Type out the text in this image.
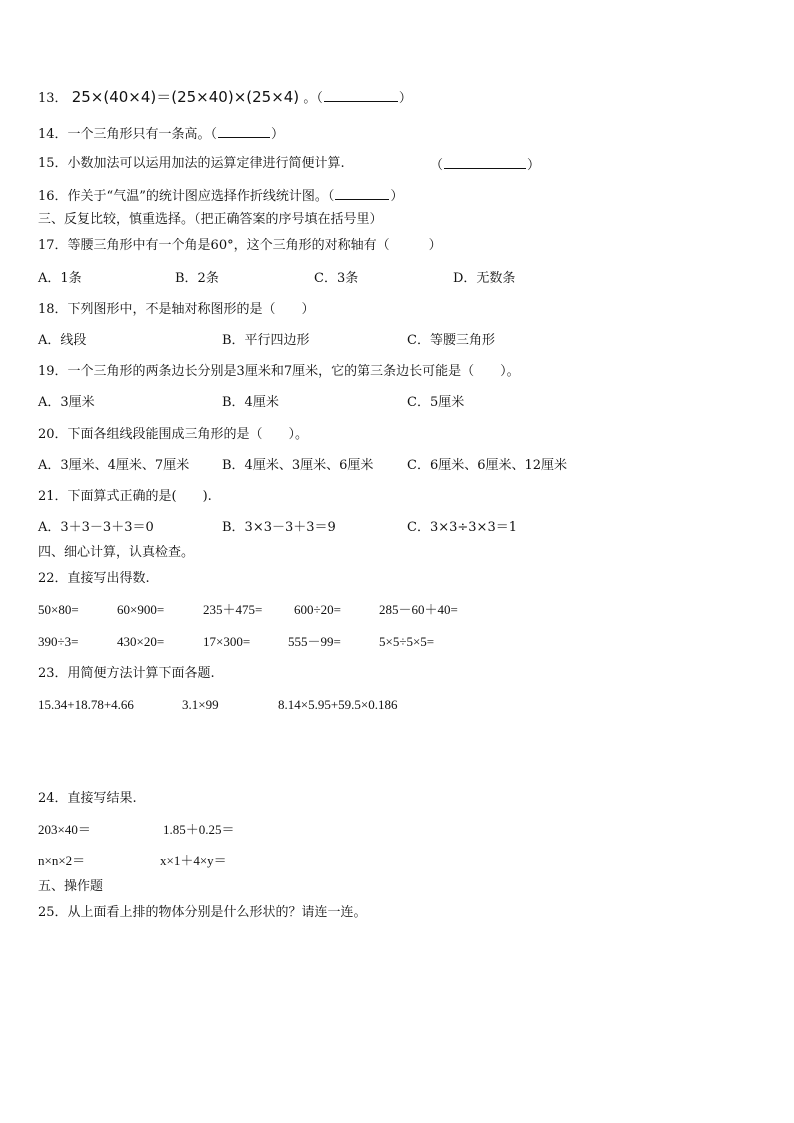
13． 25×(40×4)＝(25×40)×(25×4) 。（	）
14．一个三角形只有一条高。（	）
15．小数加法可以运用加法的运算定律进行简便计算.	（	）
16．作关于“气温”的统计图应选择作折线统计图。（	）
三、反复比较，慎重选择。（把正确答案的序号填在括号里）
17．等腰三角形中有一个角是60°，这个三角形的对称轴有（　　　）
A．1条	B．2条	C．3条	D．无数条
18．下列图形中，不是轴对称图形的是（　　）
A．线段	B．平行四边形	C．等腰三角形
19．一个三角形的两条边长分别是3厘米和7厘米，它的第三条边长可能是（　　）。
A．3厘米	B．4厘米	C．5厘米
20．下面各组线段能围成三角形的是（　　）。
A．3厘米、4厘米、7厘米	B．4厘米、3厘米、6厘米	C．6厘米、6厘米、12厘米
21．下面算式正确的是(　　).
A．3＋3－3＋3＝0	B．3×3－3＋3＝9	C．3×3÷3×3＝1
四、细心计算，认真检查。
22．直接写出得数.
50×80=	60×900=	235＋475= 600÷20=	285－60＋40=
390÷3=	430×20=	17×300=	555－99=	5×5÷5×5=
23．用简便方法计算下面各题.
15.34+18.78+4.66	3.1×99	8.14×5.95+59.5×0.186
24．直接写结果.
203×40＝	1.85＋0.25＝
n×n×2＝	x×1＋4×y＝
五、操作题
25．从上面看上排的物体分别是什么形状的？请连一连。
